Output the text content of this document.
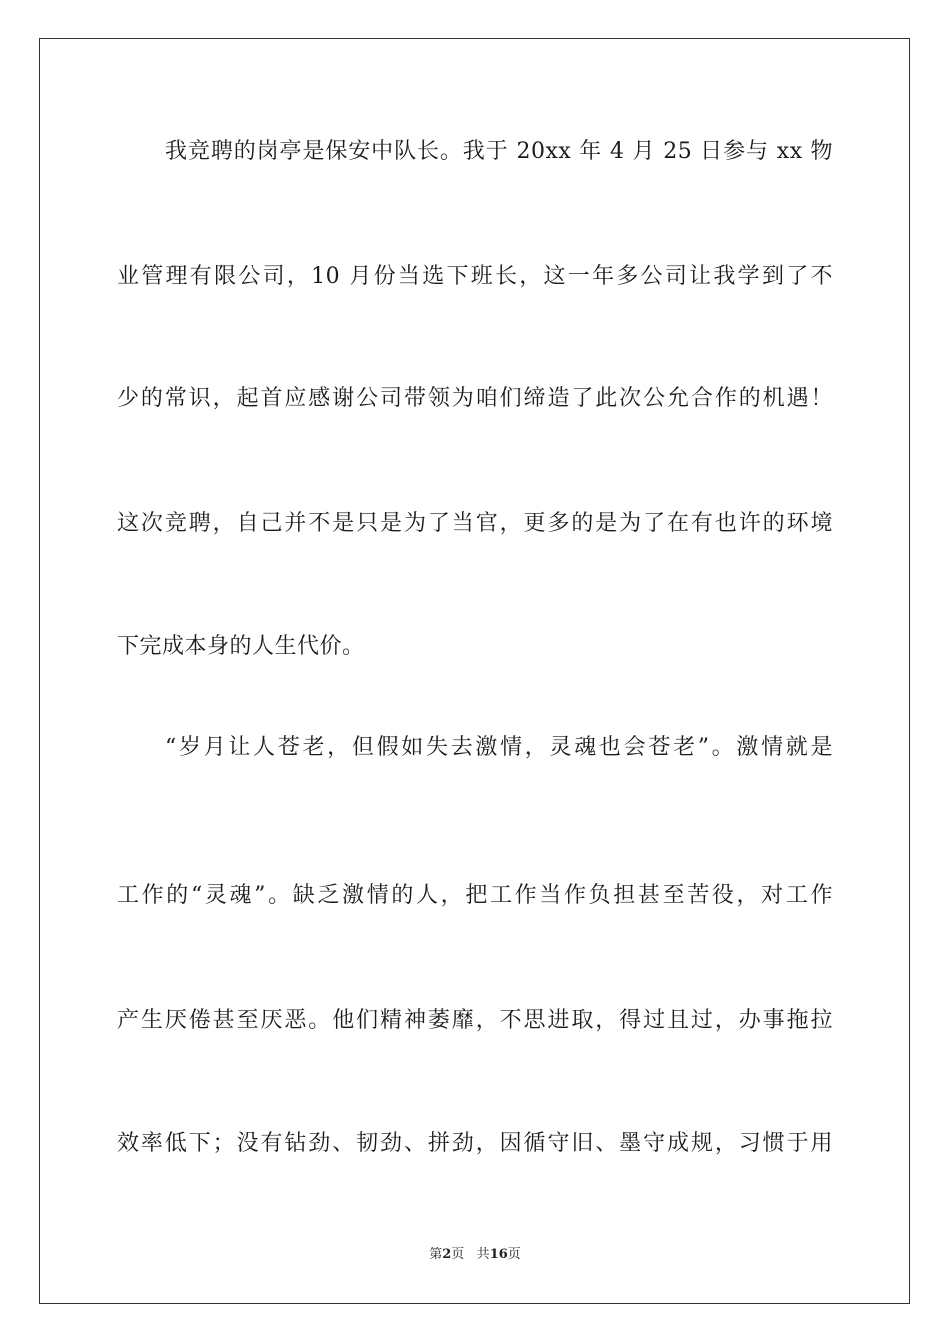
我竞聘的岗亭是保安中队长。我于 20xx 年 4 月 25 日参与 xx 物
业管理有限公司，10 月份当选下班长，这一年多公司让我学到了不
少的常识，起首应感谢公司带领为咱们缔造了此次公允合作的机遇！
这次竞聘，自己并不是只是为了当官，更多的是为了在有也许的环境
下完成本身的人生代价。
“岁月让人苍老，但假如失去激情，灵魂也会苍老”。激情就是
工作的“灵魂”。缺乏激情的人，把工作当作负担甚至苦役，对工作
产生厌倦甚至厌恶。他们精神萎靡，不思进取，得过且过，办事拖拉
效率低下；没有钻劲、韧劲、拼劲，因循守旧、墨守成规，习惯于用
第2页 共16页
